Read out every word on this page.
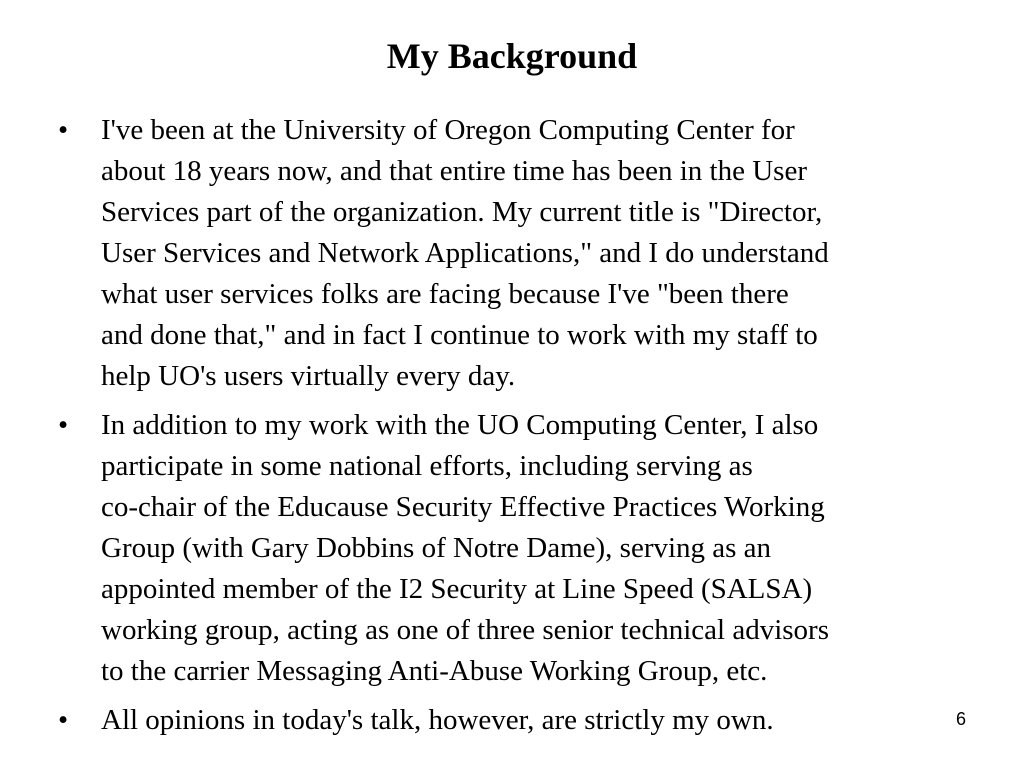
My Background
•	I've been at the University of Oregon Computing Center for
about 18 years now, and that entire time has been in the User
Services part of the organization. My current title is "Director,
User Services and Network Applications," and I do understand
what user services folks are facing because I've "been there
and done that," and in fact I continue to work with my staff to
help UO's users virtually every day.
•	In addition to my work with the UO Computing Center, I also
participate in some national efforts, including serving as
co-chair of the Educause Security Effective Practices Working
Group (with Gary Dobbins of Notre Dame), serving as an
appointed member of the I2 Security at Line Speed (SALSA)
working group, acting as one of three senior technical advisors
to the carrier Messaging Anti-Abuse Working Group, etc.
•	All opinions in today's talk, however, are strictly my own.	6
